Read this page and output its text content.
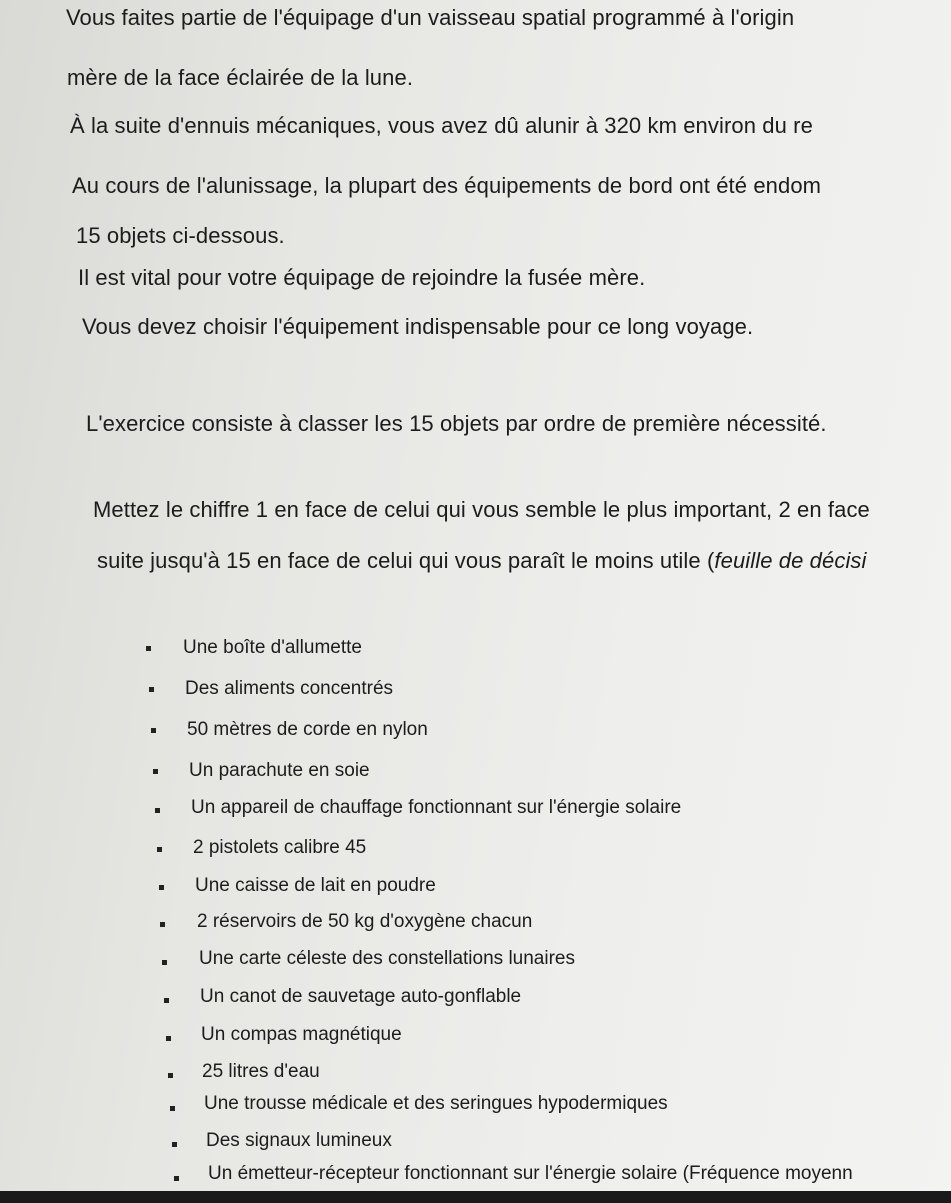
Vous faites partie de l'équipage d'un vaisseau spatial programmé à l'origin
mère de la face éclairée de la lune.
À la suite d'ennuis mécaniques, vous avez dû alunir à 320 km environ du re
Au cours de l'alunissage, la plupart des équipements de bord ont été endom
15 objets ci-dessous.
Il est vital pour votre équipage de rejoindre la fusée mère.
Vous devez choisir l'équipement indispensable pour ce long voyage.
L'exercice consiste à classer les 15 objets par ordre de première nécessité.
Mettez le chiffre 1 en face de celui qui vous semble le plus important, 2 en face
suite jusqu'à 15 en face de celui qui vous paraît le moins utile (feuille de décisi
Une boîte d'allumette
Des aliments concentrés
50 mètres de corde en nylon
Un parachute en soie
Un appareil de chauffage fonctionnant sur l'énergie solaire
2 pistolets calibre 45
Une caisse de lait en poudre
2 réservoirs de 50 kg d'oxygène chacun
Une carte céleste des constellations lunaires
Un canot de sauvetage auto-gonflable
Un compas magnétique
25 litres d'eau
Une trousse médicale et des seringues hypodermiques
Des signaux lumineux
Un émetteur-récepteur fonctionnant sur l'énergie solaire (Fréquence moyenn
